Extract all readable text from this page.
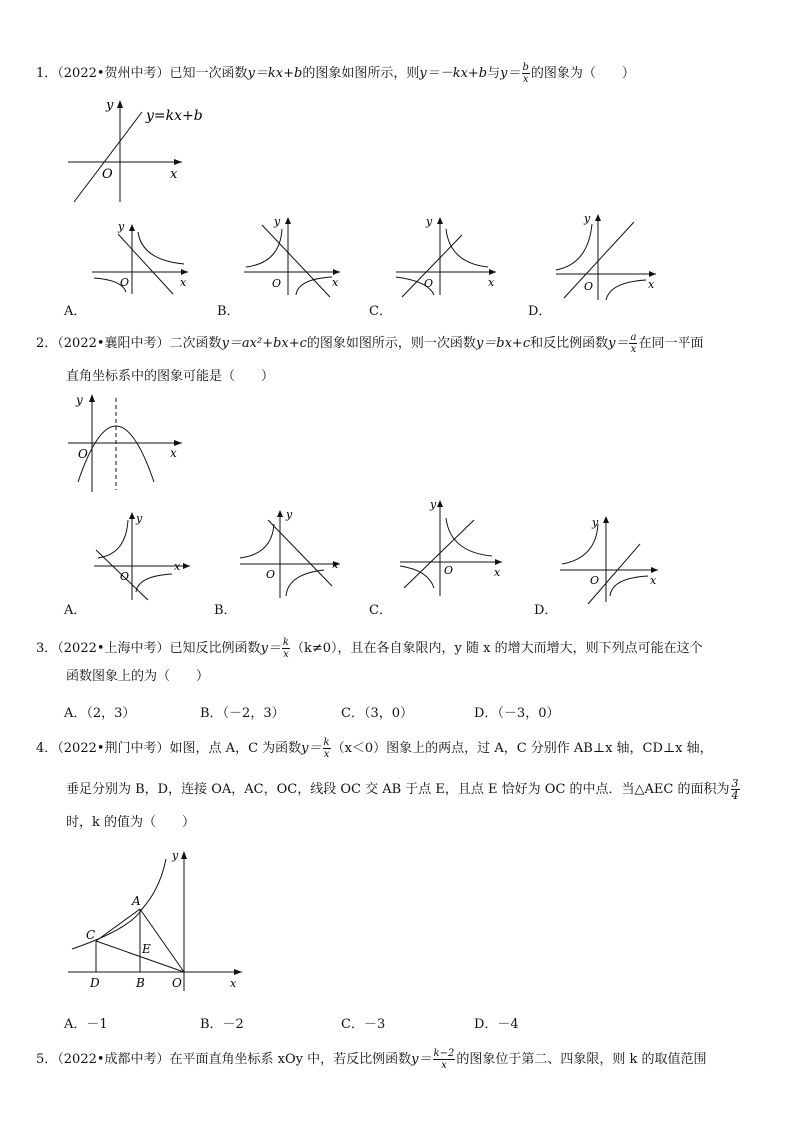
1．（2022•贺州中考）已知一次函数y＝kx+b的图象如图所示，则y＝－kx+b与$y= \frac{b}{x}$ 的图象为（　　）
x
y
O
y=kx+b
y
x
O
A．
y
x
O
B．
y
x
O
C．
y
x
O
D．
2．（2022•襄阳中考）二次函数y＝ax²+bx+c的图象如图所示，则一次函数y＝bx+c和反比例函数$y= \frac{a}{x}$ 在同一平面
直角坐标系中的图象可能是（　　）
y
x
O
y
x
O
A．
y
x
O
B．
y
x
O
C．
y
x
O
D．
3．（2022•上海中考）已知反比例函数$y= \frac{k}{x} (k\ne 0)$，且在各自象限内，y 随 x 的增大而增大，则下列点可能在这个
函数图象上的为（　　）
A．（2，3）	B．（－2，3）	C．（3，0）	D．（－3，0）
4．（2022•荆门中考）如图，点 A，C 为函数$y= \frac{k}{x} (x<0)$图象上的两点，过 A，C 分别作 AB⊥x 轴，CD⊥x 轴，
垂足分别为 B，D，连接 OA，AC，OC，线段 OC 交 AB 于点 E，且点 E 恰好为 OC 的中点．当△AEC 的面积为 $\frac{3}{4}$
时，k 的值为（　　）
y
x
A
C
E
D	B O
A．－1	B．－2	C．－3	D．－4
5．（2022•成都中考）在平面直角坐标系 xOy 中，若反比例函数$y= \frac{k-2}{x}$ 的图象位于第二、四象限，则 k 的取值范围
